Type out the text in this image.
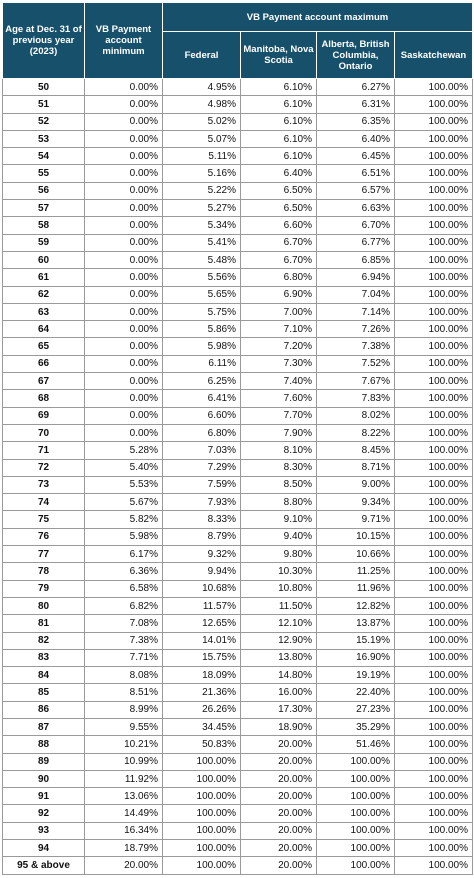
Age at Dec. 31 of previous year (2023)	VB Payment account minimum	VB Payment account maximum			
		Federal	Manitoba, Nova Scotia	Alberta, British Columbia, Ontario	Saskatchewan
50	0.00%	4.95%	6.10%	6.27%	100.00%
51	0.00%	4.98%	6.10%	6.31%	100.00%
52	0.00%	5.02%	6.10%	6.35%	100.00%
53	0.00%	5.07%	6.10%	6.40%	100.00%
54	0.00%	5.11%	6.10%	6.45%	100.00%
55	0.00%	5.16%	6.40%	6.51%	100.00%
56	0.00%	5.22%	6.50%	6.57%	100.00%
57	0.00%	5.27%	6.50%	6.63%	100.00%
58	0.00%	5.34%	6.60%	6.70%	100.00%
59	0.00%	5.41%	6.70%	6.77%	100.00%
60	0.00%	5.48%	6.70%	6.85%	100.00%
61	0.00%	5.56%	6.80%	6.94%	100.00%
62	0.00%	5.65%	6.90%	7.04%	100.00%
63	0.00%	5.75%	7.00%	7.14%	100.00%
64	0.00%	5.86%	7.10%	7.26%	100.00%
65	0.00%	5.98%	7.20%	7.38%	100.00%
66	0.00%	6.11%	7.30%	7.52%	100.00%
67	0.00%	6.25%	7.40%	7.67%	100.00%
68	0.00%	6.41%	7.60%	7.83%	100.00%
69	0.00%	6.60%	7.70%	8.02%	100.00%
70	0.00%	6.80%	7.90%	8.22%	100.00%
71	5.28%	7.03%	8.10%	8.45%	100.00%
72	5.40%	7.29%	8.30%	8.71%	100.00%
73	5.53%	7.59%	8.50%	9.00%	100.00%
74	5.67%	7.93%	8.80%	9.34%	100.00%
75	5.82%	8.33%	9.10%	9.71%	100.00%
76	5.98%	8.79%	9.40%	10.15%	100.00%
77	6.17%	9.32%	9.80%	10.66%	100.00%
78	6.36%	9.94%	10.30%	11.25%	100.00%
79	6.58%	10.68%	10.80%	11.96%	100.00%
80	6.82%	11.57%	11.50%	12.82%	100.00%
81	7.08%	12.65%	12.10%	13.87%	100.00%
82	7.38%	14.01%	12.90%	15.19%	100.00%
83	7.71%	15.75%	13.80%	16.90%	100.00%
84	8.08%	18.09%	14.80%	19.19%	100.00%
85	8.51%	21.36%	16.00%	22.40%	100.00%
86	8.99%	26.26%	17.30%	27.23%	100.00%
87	9.55%	34.45%	18.90%	35.29%	100.00%
88	10.21%	50.83%	20.00%	51.46%	100.00%
89	10.99%	100.00%	20.00%	100.00%	100.00%
90	11.92%	100.00%	20.00%	100.00%	100.00%
91	13.06%	100.00%	20.00%	100.00%	100.00%
92	14.49%	100.00%	20.00%	100.00%	100.00%
93	16.34%	100.00%	20.00%	100.00%	100.00%
94	18.79%	100.00%	20.00%	100.00%	100.00%
95 & above	20.00%	100.00%	20.00%	100.00%	100.00%
